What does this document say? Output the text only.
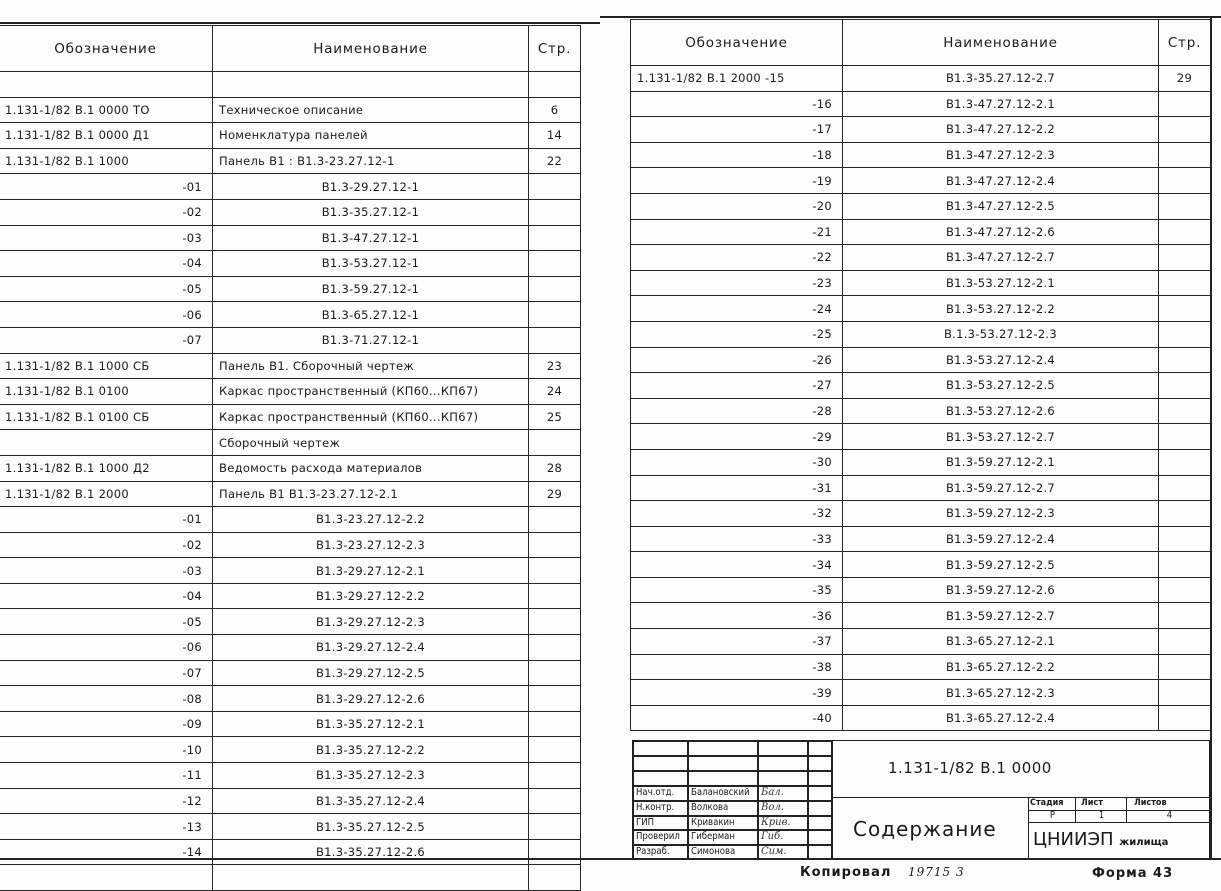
Обозначение	Наименование	Стр.

1.131-1/82 В.1 0000 ТО	Техническое описание	6
1.131-1/82 В.1 0000 Д1	Номенклатура панелей	14
1.131-1/82 В.1 1000	Панель В1 : В1.3-23.27.12-1	22
-01	В1.3-29.27.12-1	
-02	В1.3-35.27.12-1	
-03	В1.3-47.27.12-1	
-04	В1.3-53.27.12-1	
-05	В1.3-59.27.12-1	
-06	В1.3-65.27.12-1	
-07	В1.3-71.27.12-1	
1.131-1/82 В.1 1000 СБ	Панель В1. Сборочный чертеж	23
1.131-1/82 В.1 0100	Каркас пространственный (КП60...КП67)	24
1.131-1/82 В.1 0100 СБ	Каркас пространственный (КП60...КП67)	25
	Сборочный чертеж	
1.131-1/82 В.1 1000 Д2	Ведомость расхода материалов	28
1.131-1/82 В.1 2000	Панель В1 В1.3-23.27.12-2.1	29
-01	В1.3-23.27.12-2.2	
-02	В1.3-23.27.12-2.3	
-03	В1.3-29.27.12-2.1	
-04	В1.3-29.27.12-2.2	
-05	В1.3-29.27.12-2.3	
-06	В1.3-29.27.12-2.4	
-07	В1.3-29.27.12-2.5	
-08	В1.3-29.27.12-2.6	
-09	В1.3-35.27.12-2.1	
-10	В1.3-35.27.12-2.2	
-11	В1.3-35.27.12-2.3	
-12	В1.3-35.27.12-2.4	
-13	В1.3-35.27.12-2.5	
-14	В1.3-35.27.12-2.6	

Обозначение	Наименование	Стр.
1.131-1/82 В.1 2000 -15	В1.3-35.27.12-2.7	29
-16	В1.3-47.27.12-2.1	
-17	В1.3-47.27.12-2.2	
-18	В1.3-47.27.12-2.3	
-19	В1.3-47.27.12-2.4	
-20	В1.3-47.27.12-2.5	
-21	В1.3-47.27.12-2.6	
-22	В1.3-47.27.12-2.7	
-23	В1.3-53.27.12-2.1	
-24	В1.3-53.27.12-2.2	
-25	В.1.3-53.27.12-2.3	
-26	В1.3-53.27.12-2.4	
-27	В1.3-53.27.12-2.5	
-28	В1.3-53.27.12-2.6	
-29	В1.3-53.27.12-2.7	
-30	В1.3-59.27.12-2.1	
-31	В1.3-59.27.12-2.7	
-32	В1.3-59.27.12-2.3	
-33	В1.3-59.27.12-2.4	
-34	В1.3-59.27.12-2.5	
-35	В1.3-59.27.12-2.6	
-36	В1.3-59.27.12-2.7	
-37	В1.3-65.27.12-2.1	
-38	В1.3-65.27.12-2.2	
-39	В1.3-65.27.12-2.3	
-40	В1.3-65.27.12-2.4	
Нач.отд.	Балановский	Бал.
Н.контр.	Волкова	Вол.
ГИП	Кривакин	Крив.
Проверил	Гиберман	Гиб.
Разраб.	Симонова	Сим.
1.131-1/82 В.1 0000
Содержание
Стадия	Лист	Листов
Р	1	4
ЦНИИЭП жилища
Копировал 19715 3	Форма 43
